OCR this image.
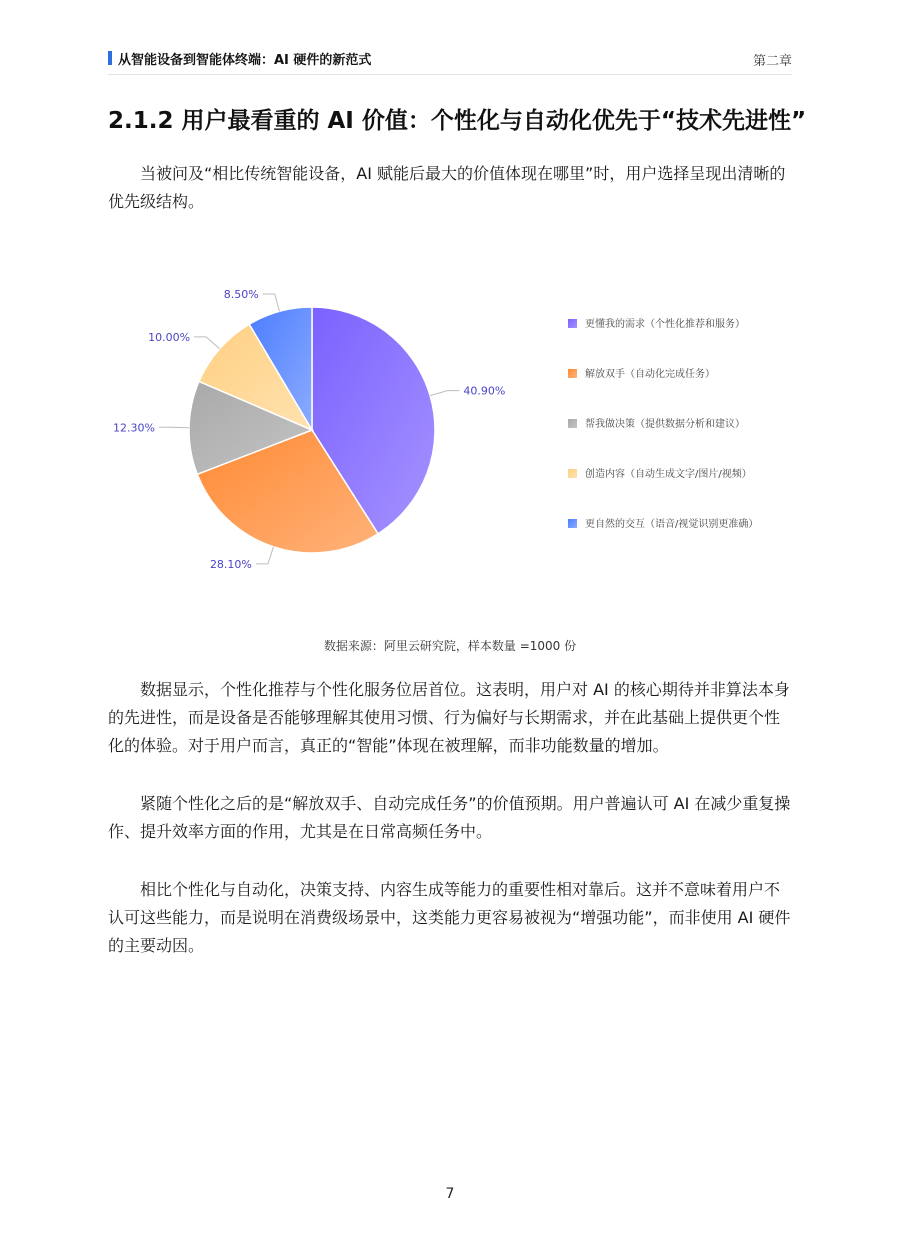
从智能设备到智能体终端：AI 硬件的新范式	第二章
2.1.2 用户最看重的 AI 价值：个性化与自动化优先于“技术先进性”

当被问及“相比传统智能设备，AI 赋能后最大的价值体现在哪里”时，用户选择呈现出清晰的优先级结构。

40.90%
28.10%
12.30%
10.00%
8.50%
更懂我的需求（个性化推荐和服务）
解放双手（自动化完成任务）
帮我做决策（提供数据分析和建议）
创造内容（自动生成文字/图片/视频）
更自然的交互（语音/视觉识别更准确）
数据来源：阿里云研究院，样本数量 =1000 份

数据显示，个性化推荐与个性化服务位居首位。这表明，用户对 AI 的核心期待并非算法本身的先进性，而是设备是否能够理解其使用习惯、行为偏好与长期需求，并在此基础上提供更个性化的体验。对于用户而言，真正的“智能”体现在被理解，而非功能数量的增加。

紧随个性化之后的是“解放双手、自动完成任务”的价值预期。用户普遍认可 AI 在减少重复操作、提升效率方面的作用，尤其是在日常高频任务中。

相比个性化与自动化，决策支持、内容生成等能力的重要性相对靠后。这并不意味着用户不认可这些能力，而是说明在消费级场景中，这类能力更容易被视为“增强功能”，而非使用 AI 硬件的主要动因。

7
